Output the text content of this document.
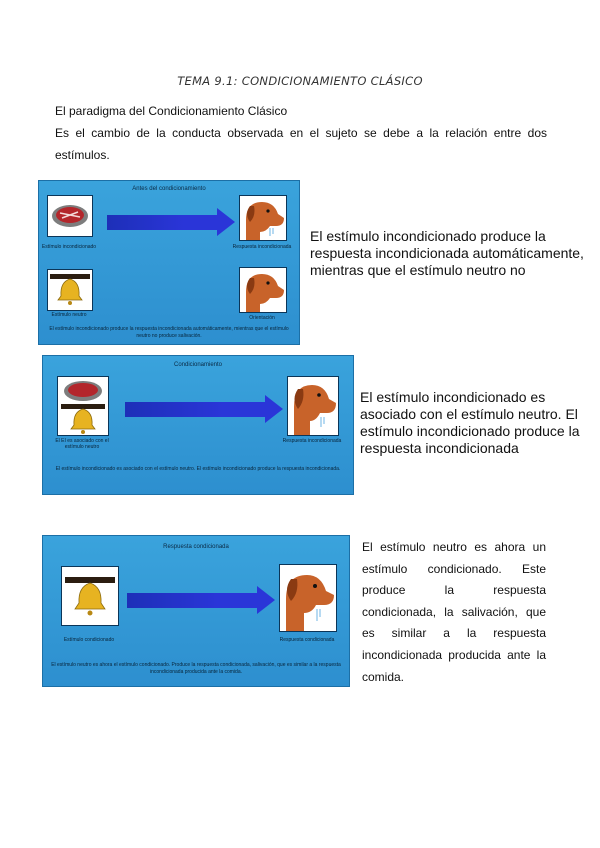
TEMA 9.1: CONDICIONAMIENTO CLÁSICO
El paradigma del Condicionamiento Clásico
Es el cambio de la conducta observada en el sujeto se debe a la relación entre dos
estímulos.
Antes del condicionamiento
Estímulo incondicionado	Respuesta incondicionada
Estímulo neutro	Orientación
El estímulo incondicionado produce la respuesta incondicionada automáticamente, mientras que el estímulo neutro no produce salivación.
El estímulo incondicionado produce la respuesta incondicionada automáticamente, mientras que el estímulo neutro no
Condicionamiento
El EI es asociado con el estímulo neutro
Respuesta incondicionada
El estímulo incondicionado es asociado con el estímulo neutro. El estímulo incondicionado produce la respuesta incondicionada.
El estímulo incondicionado es asociado con el estímulo neutro. El estímulo incondicionado produce la respuesta incondicionada
Respuesta condicionada
Estímulo condicionado	Respuesta condicionada
El estímulo neutro es ahora el estímulo condicionado. Produce la respuesta condicionada, salivación, que es similar a la respuesta incondicionada producida ante la comida.
El estímulo neutro es ahora un estímulo condicionado. Este produce la respuesta condicionada, la salivación, que es similar a la respuesta incondicionada producida ante la comida.
